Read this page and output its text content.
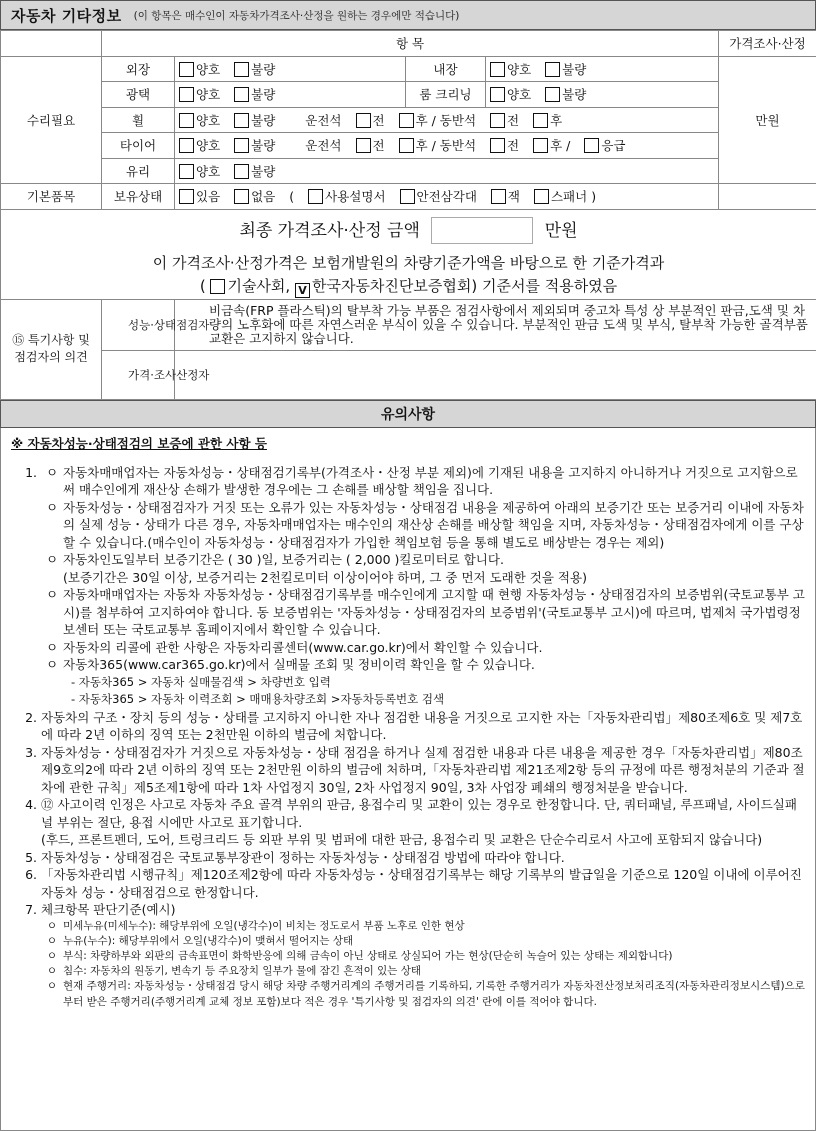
자동차 기타정보 (이 항목은 매수인이 자동차가격조사·산정을 원하는 경우에만 적습니다)
	항 목				가격조사·산정
수리필요	외장	양호 불량	내장	양호 불량	만원
	광택	양호 불량	룸 크리닝	양호 불량	
	휠	양호 불량 운전석 전 후 / 동반석 전 후			
	타이어	양호 불량 운전석 전 후 / 동반석 전 후 / 응급			
	유리	양호 불량			
기본품목	보유상태	있음 없음 ( 사용설명서 안전삼각대 잭 스패너 )			

최종 가격조사·산정 금액 만원
이 가격조사·산정가격은 보험개발원의 차량기준가액을 바탕으로 한 기준가격과
( 기술사회, V 한국자동차진단보증협회) 기준서를 적용하였음

⑮ 특기사항 및
점검자의 의견	성능·상태점검자	비금속(FRP 플라스틱)의 탈부착 가능 부품은 점검사항에서 제외되며 중고차 특성 상 부분적인 판금,도색 및 차량의 노후화에 따른 자연스러운 부식이 있을 수 있습니다. 부분적인 판금 도색 및 부식, 탈부착 가능한 골격부품 교환은 고지하지 않습니다.			
	가격·조사산정자				
유의사항
※ 자동차성능·상태점검의 보증에 관한 사항 등
1. ㅇ 자동차매매업자는 자동차성능・상태점검기록부(가격조사・산정 부분 제외)에 기재된 내용을 고지하지 아니하거나 거짓으로 고지함으로써 매수인에게 재산상 손해가 발생한 경우에는 그 손해를 배상할 책임을 집니다.
ㅇ 자동차성능・상태점검자가 거짓 또는 오류가 있는 자동차성능・상태점검 내용을 제공하여 아래의 보증기간 또는 보증거리 이내에 자동차의 실제 성능・상태가 다른 경우, 자동차매매업자는 매수인의 재산상 손해를 배상할 책임을 지며, 자동차성능・상태점검자에게 이를 구상할 수 있습니다.(매수인이 자동차성능・상태점검자가 가입한 책임보험 등을 통해 별도로 배상받는 경우는 제외)
ㅇ 자동차인도일부터 보증기간은 ( 30 )일, 보증거리는 ( 2,000 )킬로미터로 합니다.
(보증기간은 30일 이상, 보증거리는 2천킬로미터 이상이어야 하며, 그 중 먼저 도래한 것을 적용)
ㅇ 자동차매매업자는 자동차 자동차성능・상태점검기록부를 매수인에게 고지할 때 현행 자동차성능・상태점검자의 보증범위(국토교통부 고시)를 첨부하여 고지하여야 합니다. 동 보증범위는 '자동차성능・상태점검자의 보증범위'(국토교통부 고시)에 따르며, 법제처 국가법령정보센터 또는 국토교통부 홈페이지에서 확인할 수 있습니다.
ㅇ 자동차의 리콜에 관한 사항은 자동차리콜센터(www.car.go.kr)에서 확인할 수 있습니다.
ㅇ 자동차365(www.car365.go.kr)에서 실매물 조회 및 정비이력 확인을 할 수 있습니다.
- 자동차365 > 자동차 실매물검색 > 차량번호 입력
- 자동차365 > 자동차 이력조회 > 매매용차량조회 >자동차등록번호 검색
2. 자동차의 구조・장치 등의 성능・상태를 고지하지 아니한 자나 점검한 내용을 거짓으로 고지한 자는「자동차관리법」제80조제6호 및 제7호에 따라 2년 이하의 징역 또는 2천만원 이하의 벌금에 처합니다.
3. 자동차성능・상태점검자가 거짓으로 자동차성능・상태 점검을 하거나 실제 점검한 내용과 다른 내용을 제공한 경우「자동차관리법」제80조제9호의2에 따라 2년 이하의 징역 또는 2천만원 이하의 벌금에 처하며,「자동차관리법 제21조제2항 등의 규정에 따른 행정처분의 기준과 절차에 관한 규칙」제5조제1항에 따라 1차 사업정지 30일, 2차 사업정지 90일, 3차 사업장 폐쇄의 행정처분을 받습니다.
4. ⑫ 사고이력 인정은 사고로 자동차 주요 골격 부위의 판금, 용접수리 및 교환이 있는 경우로 한정합니다. 단, 쿼터패널, 루프패널, 사이드실패널 부위는 절단, 용접 시에만 사고로 표기합니다.
(후드, 프론트펜더, 도어, 트렁크리드 등 외판 부위 및 범퍼에 대한 판금, 용접수리 및 교환은 단순수리로서 사고에 포함되지 않습니다)
5. 자동차성능・상태점검은 국토교통부장관이 정하는 자동차성능・상태점검 방법에 따라야 합니다.
6. 「자동차관리법 시행규칙」제120조제2항에 따라 자동차성능・상태점검기록부는 해당 기록부의 발급일을 기준으로 120일 이내에 이루어진 자동차 성능・상태점검으로 한정합니다.
7. 체크항목 판단기준(예시)
ㅇ 미세누유(미세누수): 해당부위에 오일(냉각수)이 비치는 정도로서 부품 노후로 인한 현상
ㅇ 누유(누수): 해당부위에서 오일(냉각수)이 맺혀서 떨어지는 상태
ㅇ 부식: 차량하부와 외판의 금속표면이 화학반응에 의해 금속이 아닌 상태로 상실되어 가는 현상(단순히 녹슬어 있는 상태는 제외합니다)
ㅇ 침수: 자동차의 원동기, 변속기 등 주요장치 일부가 물에 잠긴 흔적이 있는 상태
ㅇ 현재 주행거리: 자동차성능・상태점검 당시 해당 차량 주행거리계의 주행거리를 기록하되, 기록한 주행거리가 자동차전산정보처리조직(자동차관리정보시스템)으로부터 받은 주행거리(주행거리계 교체 정보 포함)보다 적은 경우 '특기사항 및 점검자의 의견' 란에 이를 적어야 합니다.
